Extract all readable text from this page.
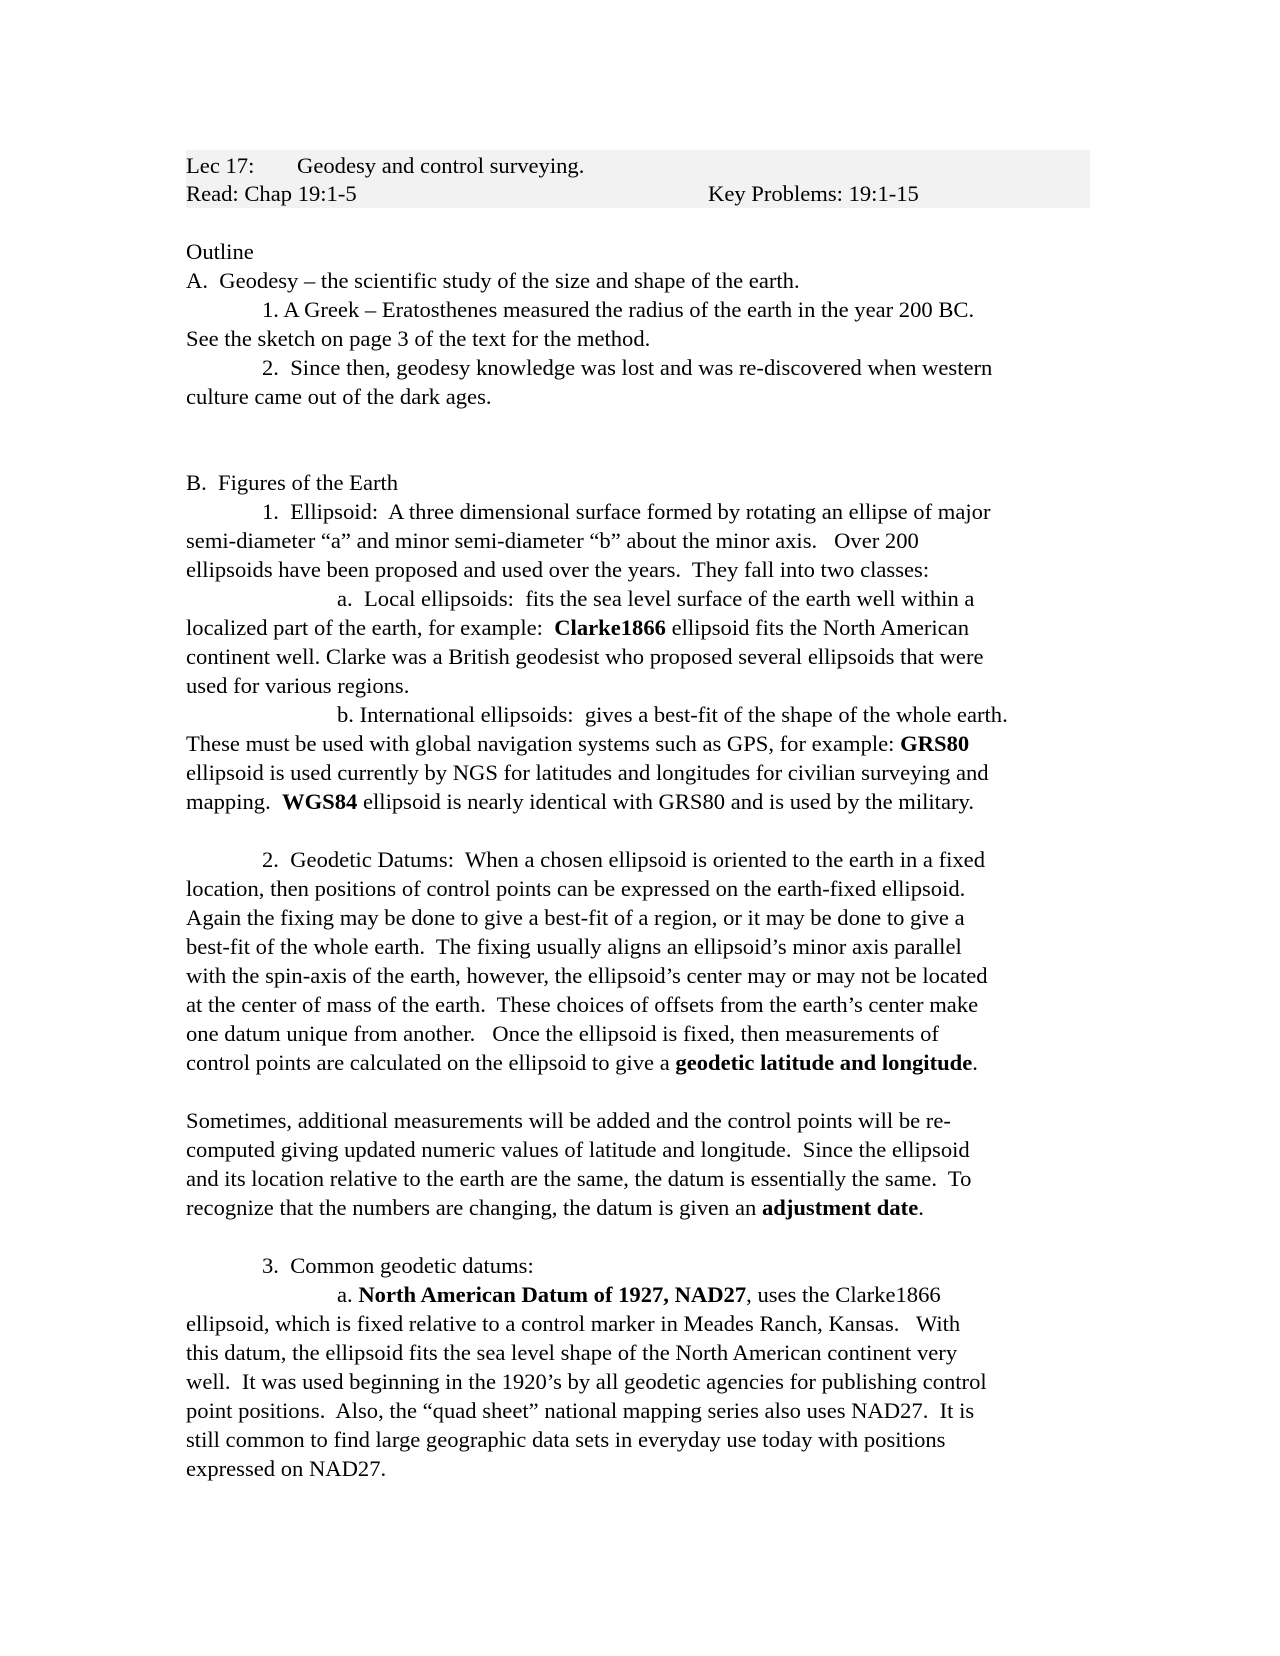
Lec 17: Geodesy and control surveying.
Read: Chap 19:1-5	Key Problems: 19:1-15
Outline
A.  Geodesy – the scientific study of the size and shape of the earth.
1. A Greek – Eratosthenes measured the radius of the earth in the year 200 BC.
See the sketch on page 3 of the text for the method.
2.  Since then, geodesy knowledge was lost and was re-discovered when western
culture came out of the dark ages.
B.  Figures of the Earth
1.  Ellipsoid:  A three dimensional surface formed by rotating an ellipse of major
semi-diameter “a” and minor semi-diameter “b” about the minor axis.   Over 200
ellipsoids have been proposed and used over the years.  They fall into two classes:
a.  Local ellipsoids:  fits the sea level surface of the earth well within a
localized part of the earth, for example:  Clarke1866 ellipsoid fits the North American
continent well. Clarke was a British geodesist who proposed several ellipsoids that were
used for various regions.
b. International ellipsoids:  gives a best-fit of the shape of the whole earth.
These must be used with global navigation systems such as GPS, for example: GRS80
ellipsoid is used currently by NGS for latitudes and longitudes for civilian surveying and
mapping.  WGS84 ellipsoid is nearly identical with GRS80 and is used by the military.
2.  Geodetic Datums:  When a chosen ellipsoid is oriented to the earth in a fixed
location, then positions of control points can be expressed on the earth-fixed ellipsoid.
Again the fixing may be done to give a best-fit of a region, or it may be done to give a
best-fit of the whole earth.  The fixing usually aligns an ellipsoid’s minor axis parallel
with the spin-axis of the earth, however, the ellipsoid’s center may or may not be located
at the center of mass of the earth.  These choices of offsets from the earth’s center make
one datum unique from another.   Once the ellipsoid is fixed, then measurements of
control points are calculated on the ellipsoid to give a geodetic latitude and longitude.
Sometimes, additional measurements will be added and the control points will be re-
computed giving updated numeric values of latitude and longitude.  Since the ellipsoid
and its location relative to the earth are the same, the datum is essentially the same.  To
recognize that the numbers are changing, the datum is given an adjustment date.
3.  Common geodetic datums:
a. North American Datum of 1927, NAD27, uses the Clarke1866
ellipsoid, which is fixed relative to a control marker in Meades Ranch, Kansas.   With
this datum, the ellipsoid fits the sea level shape of the North American continent very
well.  It was used beginning in the 1920’s by all geodetic agencies for publishing control
point positions.  Also, the “quad sheet” national mapping series also uses NAD27.  It is
still common to find large geographic data sets in everyday use today with positions
expressed on NAD27.
